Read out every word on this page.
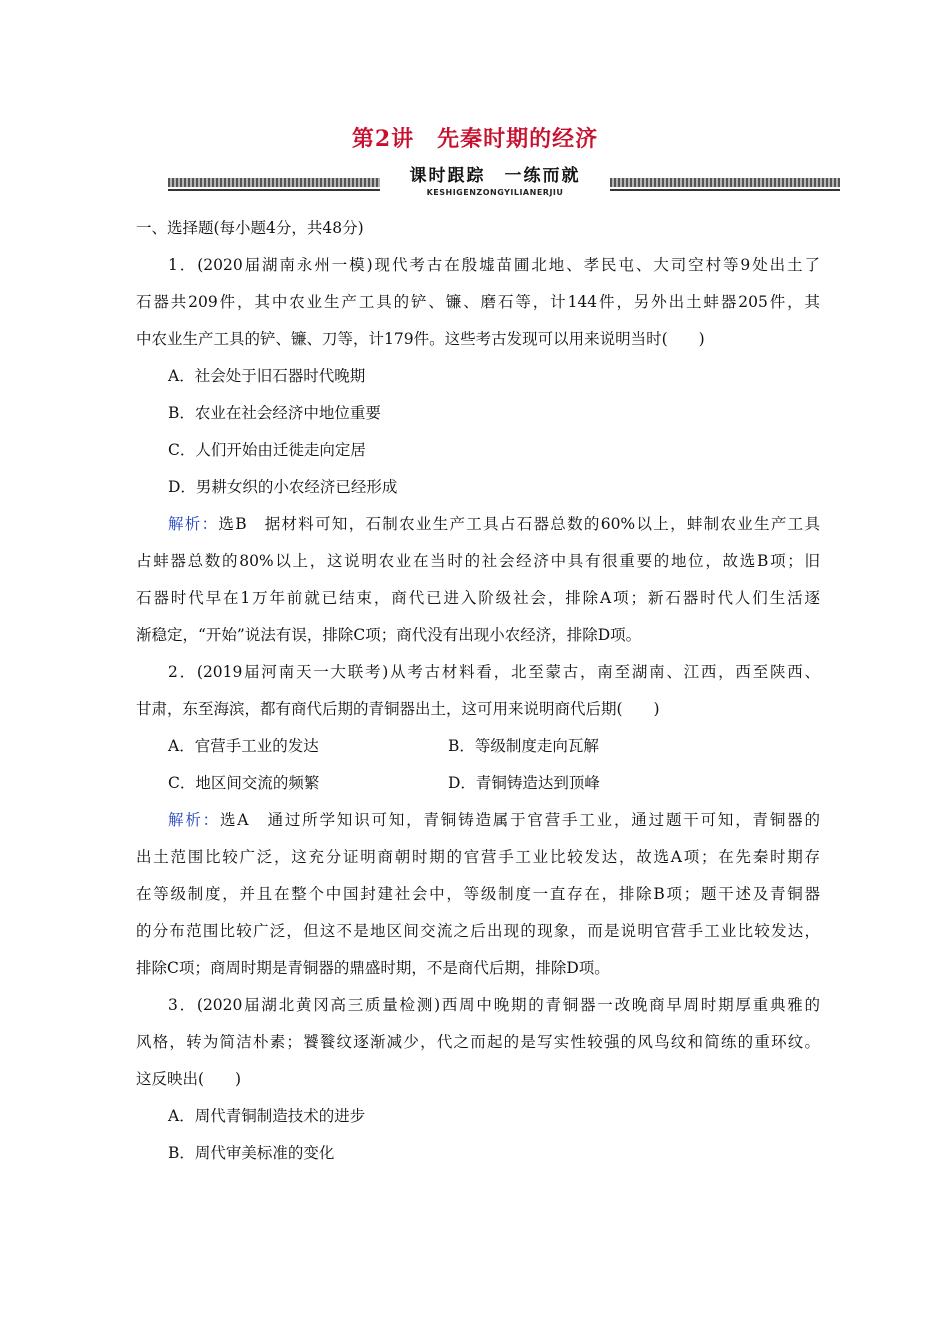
第2讲　先秦时期的经济
课时跟踪　一练而就
KESHIGENZONGYILIANERJIU
一、选择题(每小题4分，共48分)
1．(2020届湖南永州一模)现代考古在殷墟苗圃北地、孝民屯、大司空村等9处出土了
石器共209件，其中农业生产工具的铲、镰、磨石等，计144件，另外出土蚌器205件，其
中农业生产工具的铲、镰、刀等，计179件。这些考古发现可以用来说明当时(　　)
A．社会处于旧石器时代晚期
B．农业在社会经济中地位重要
C．人们开始由迁徙走向定居
D．男耕女织的小农经济已经形成
解析：选B　据材料可知，石制农业生产工具占石器总数的60%以上，蚌制农业生产工具
占蚌器总数的80%以上，这说明农业在当时的社会经济中具有很重要的地位，故选B项；旧
石器时代早在1万年前就已结束，商代已进入阶级社会，排除A项；新石器时代人们生活逐
渐稳定，“开始”说法有误，排除C项；商代没有出现小农经济，排除D项。
2．(2019届河南天一大联考)从考古材料看，北至蒙古，南至湖南、江西，西至陕西、
甘肃，东至海滨，都有商代后期的青铜器出土，这可用来说明商代后期(　　)
A．官营手工业的发达	B．等级制度走向瓦解
C．地区间交流的频繁	D．青铜铸造达到顶峰
解析：选A　通过所学知识可知，青铜铸造属于官营手工业，通过题干可知，青铜器的
出土范围比较广泛，这充分证明商朝时期的官营手工业比较发达，故选A项；在先秦时期存
在等级制度，并且在整个中国封建社会中，等级制度一直存在，排除B项；题干述及青铜器
的分布范围比较广泛，但这不是地区间交流之后出现的现象，而是说明官营手工业比较发达，
排除C项；商周时期是青铜器的鼎盛时期，不是商代后期，排除D项。
3．(2020届湖北黄冈高三质量检测)西周中晚期的青铜器一改晚商早周时期厚重典雅的
风格，转为简洁朴素；饕餮纹逐渐减少，代之而起的是写实性较强的风鸟纹和简练的重环纹。
这反映出(　　)
A．周代青铜制造技术的进步
B．周代审美标准的变化
